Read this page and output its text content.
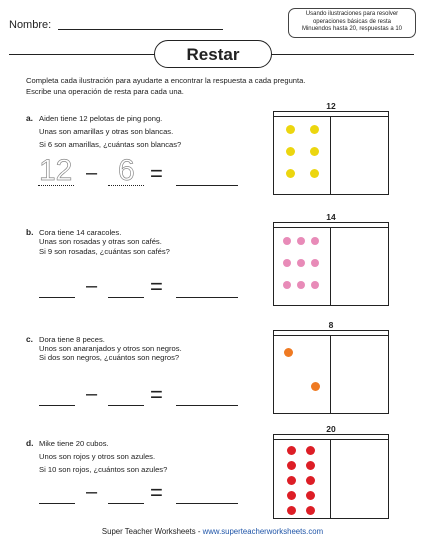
Nombre:
Usando ilustraciones para resolver
operaciones básicas de resta
Minuendos hasta 20, respuestas a 10
Restar
Completa cada ilustración para ayudarte a encontrar la respuesta a cada pregunta.
Escribe una operación de resta para cada una.
a. Aiden tiene 12 pelotas de ping pong.
Unas son amarillas y otras son blancas.
Si 6 son amarillas, ¿cuántas son blancas?
12 – 6 =
12
b. Cora tiene 14 caracoles.
Unas son rosadas y otras son cafés.
Si 9 son rosadas, ¿cuántas son cafés?
– =
14
c. Dora tiene 8 peces.
Unos son anaranjados y otros son negros.
Si dos son negros, ¿cuántos son negros?
– =
8
d. Mike tiene 20 cubos.
Unos son rojos y otros son azules.
Si 10 son rojos, ¿cuántos son azules?
– =
20
Super Teacher Worksheets - www.superteacherworksheets.com
